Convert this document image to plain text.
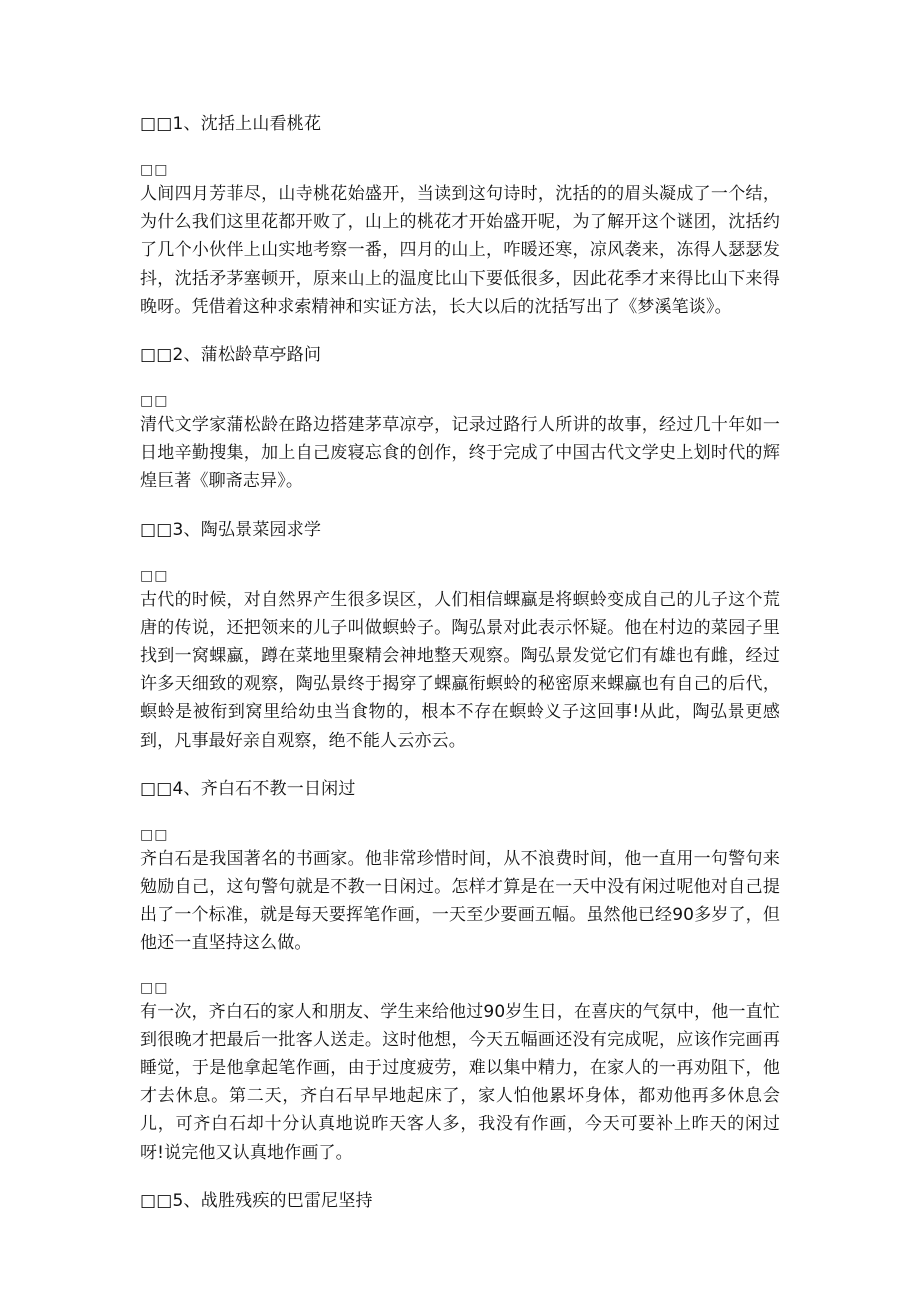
□□1、沈括上山看桃花

□□

人间四月芳菲尽，山寺桃花始盛开，当读到这句诗时，沈括的的眉头凝成了一个结，为什么我们这里花都开败了，山上的桃花才开始盛开呢，为了解开这个谜团，沈括约了几个小伙伴上山实地考察一番，四月的山上，咋暖还寒，凉风袭来，冻得人瑟瑟发抖，沈括矛茅塞顿开，原来山上的温度比山下要低很多，因此花季才来得比山下来得晚呀。凭借着这种求索精神和实证方法，长大以后的沈括写出了《梦溪笔谈》。

□□2、蒲松龄草亭路问

□□

清代文学家蒲松龄在路边搭建茅草凉亭，记录过路行人所讲的故事，经过几十年如一日地辛勤搜集，加上自己废寝忘食的创作，终于完成了中国古代文学史上划时代的辉煌巨著《聊斋志异》。

□□3、陶弘景菜园求学

□□

古代的时候，对自然界产生很多误区，人们相信蜾蠃是将螟蛉变成自己的儿子这个荒唐的传说，还把领来的儿子叫做螟蛉子。陶弘景对此表示怀疑。他在村边的菜园子里找到一窝蜾蠃，蹲在菜地里聚精会神地整天观察。陶弘景发觉它们有雄也有雌，经过许多天细致的观察，陶弘景终于揭穿了蜾蠃衔螟蛉的秘密原来蜾蠃也有自己的后代，螟蛉是被衔到窝里给幼虫当食物的，根本不存在螟蛉义子这回事!从此，陶弘景更感到，凡事最好亲自观察，绝不能人云亦云。

□□4、齐白石不教一日闲过

□□

齐白石是我国著名的书画家。他非常珍惜时间，从不浪费时间，他一直用一句警句来勉励自己，这句警句就是不教一日闲过。怎样才算是在一天中没有闲过呢他对自己提出了一个标准，就是每天要挥笔作画，一天至少要画五幅。虽然他已经90多岁了，但他还一直坚持这么做。

□□

有一次，齐白石的家人和朋友、学生来给他过90岁生日，在喜庆的气氛中，他一直忙到很晚才把最后一批客人送走。这时他想，今天五幅画还没有完成呢，应该作完画再睡觉，于是他拿起笔作画，由于过度疲劳，难以集中精力，在家人的一再劝阻下，他才去休息。第二天，齐白石早早地起床了，家人怕他累坏身体，都劝他再多休息会儿，可齐白石却十分认真地说昨天客人多，我没有作画，今天可要补上昨天的闲过呀!说完他又认真地作画了。

□□5、战胜残疾的巴雷尼坚持
